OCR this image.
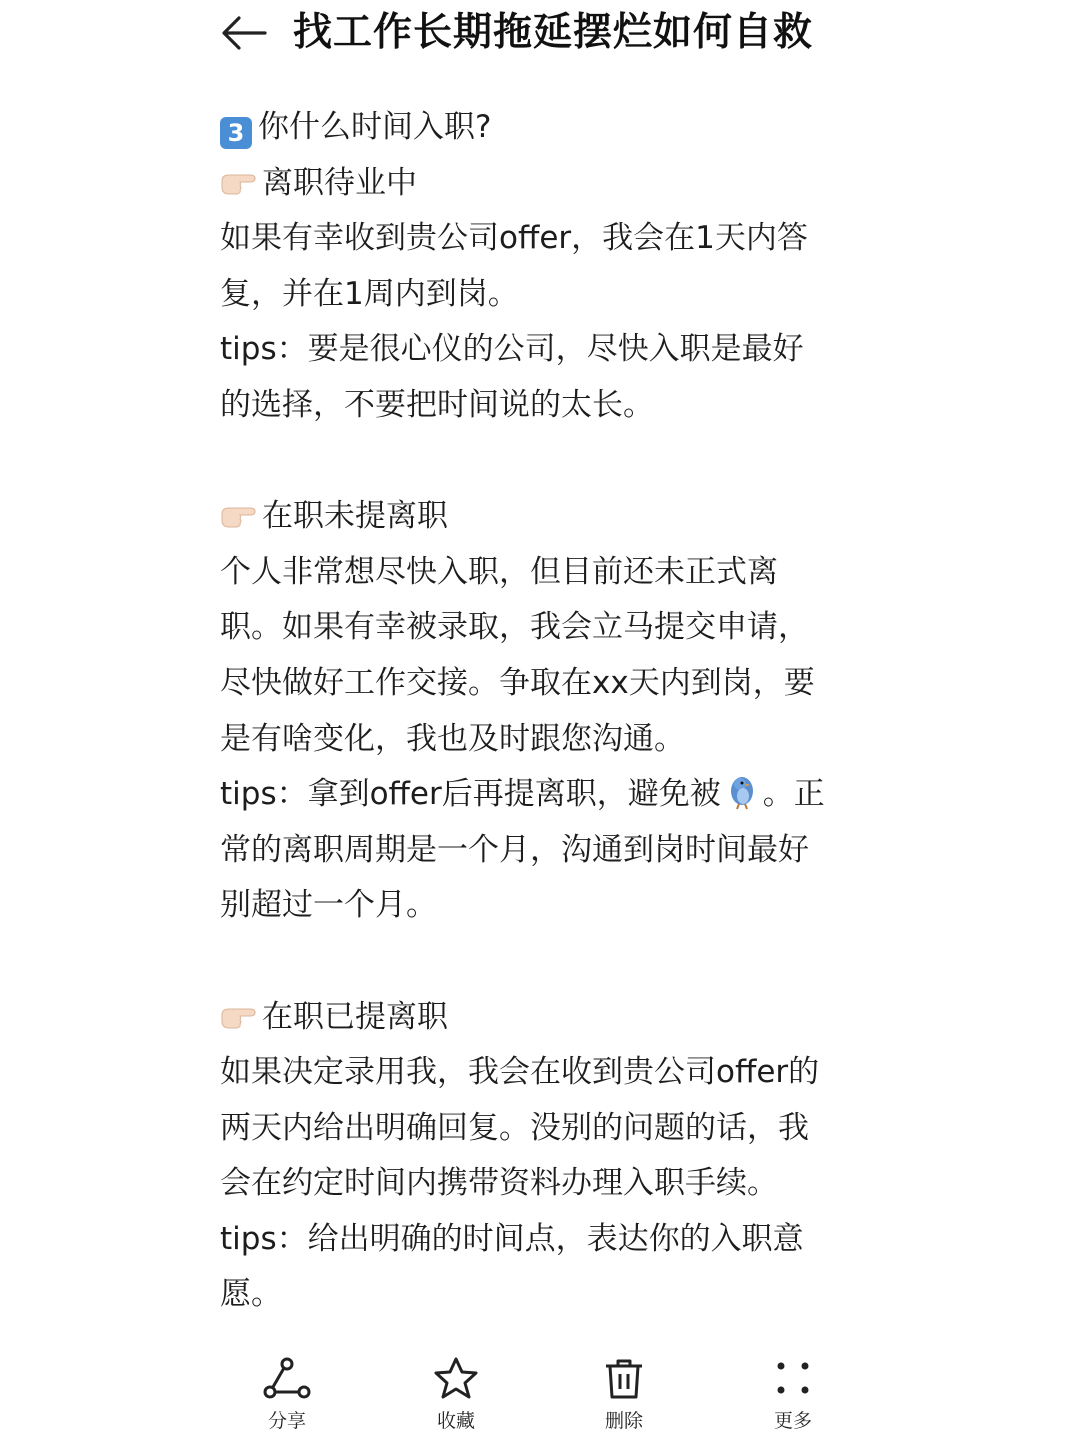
找工作长期拖延摆烂如何自救
3 你什么时间入职?
离职待业中
如果有幸收到贵公司offer，我会在1天内答
复，并在1周内到岗。
tips：要是很心仪的公司，尽快入职是最好
的选择，不要把时间说的太长。
在职未提离职
个人非常想尽快入职，但目前还未正式离
职。如果有幸被录取，我会立马提交申请，
尽快做好工作交接。争取在xx天内到岗，要
是有啥变化，我也及时跟您沟通。
tips：拿到offer后再提离职，避免被 。正
常的离职周期是一个月，沟通到岗时间最好
别超过一个月。
在职已提离职
如果决定录用我，我会在收到贵公司offer的
两天内给出明确回复。没别的问题的话，我
会在约定时间内携带资料办理入职手续。
tips：给出明确的时间点，表达你的入职意
愿。
分享	收藏	删除	更多
